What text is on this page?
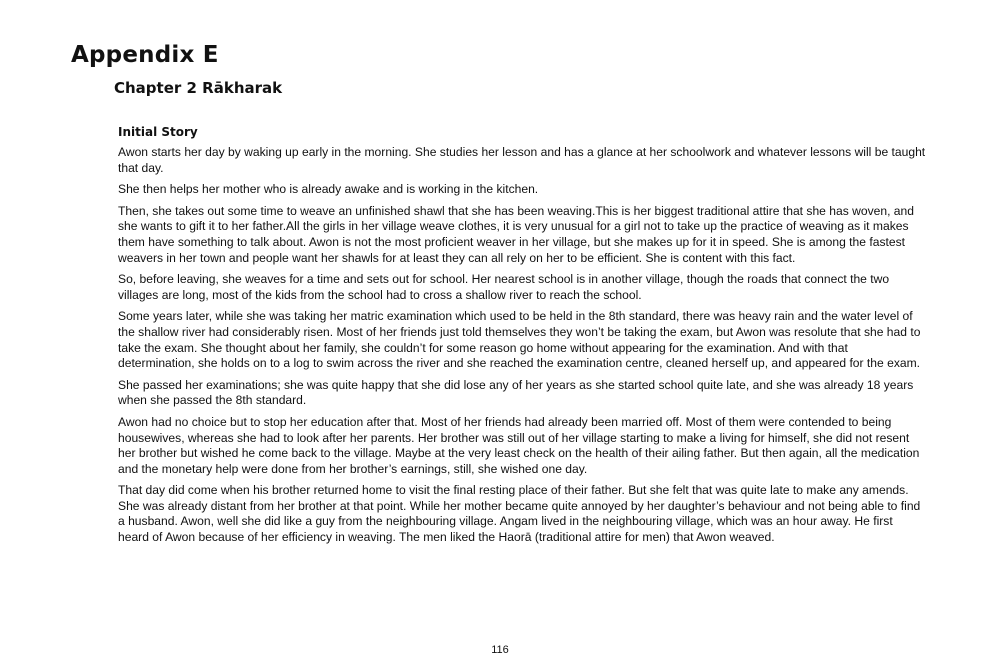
Appendix E
Chapter 2 Rākharak
Initial Story

Awon starts her day by waking up early in the morning. She studies her lesson and has a glance at her schoolwork and whatever lessons will be taught that day.

She then helps her mother who is already awake and is working in the kitchen.

Then, she takes out some time to weave an unfinished shawl that she has been weaving.This is her biggest traditional attire that she has woven, and she wants to gift it to her father.All the girls in her village weave clothes, it is very unusual for a girl not to take up the practice of weaving as it makes them have something to talk about. Awon is not the most proficient weaver in her village, but she makes up for it in speed. She is among the fastest weavers in her town and people want her shawls for at least they can all rely on her to be efficient. She is content with this fact.

So, before leaving, she weaves for a time and sets out for school. Her nearest school is in another village, though the roads that connect the two villages are long, most of the kids from the school had to cross a shallow river to reach the school.

Some years later, while she was taking her matric examination which used to be held in the 8th standard, there was heavy rain and the water level of the shallow river had considerably risen. Most of her friends just told themselves they won’t be taking the exam, but Awon was resolute that she had to take the exam. She thought about her family, she couldn’t for some reason go home without appearing for the examination. And with that determination, she holds on to a log to swim across the river and she reached the examination centre, cleaned herself up, and appeared for the exam.

She passed her examinations; she was quite happy that she did lose any of her years as she started school quite late, and she was already 18 years when she passed the 8th standard.

Awon had no choice but to stop her education after that. Most of her friends had already been married off. Most of them were contended to being housewives, whereas she had to look after her parents. Her brother was still out of her village starting to make a living for himself, she did not resent her brother but wished he come back to the village. Maybe at the very least check on the health of their ailing father. But then again, all the medication and the monetary help were done from her brother’s earnings, still, she wished one day.

That day did come when his brother returned home to visit the final resting place of their father. But she felt that was quite late to make any amends. She was already distant from her brother at that point. While her mother became quite annoyed by her daughter’s behaviour and not being able to find a husband. Awon, well she did like a guy from the neighbouring village. Angam lived in the neighbouring village, which was an hour away. He first heard of Awon because of her efficiency in weaving. The men liked the Haorā (traditional attire for men) that Awon weaved.

116
